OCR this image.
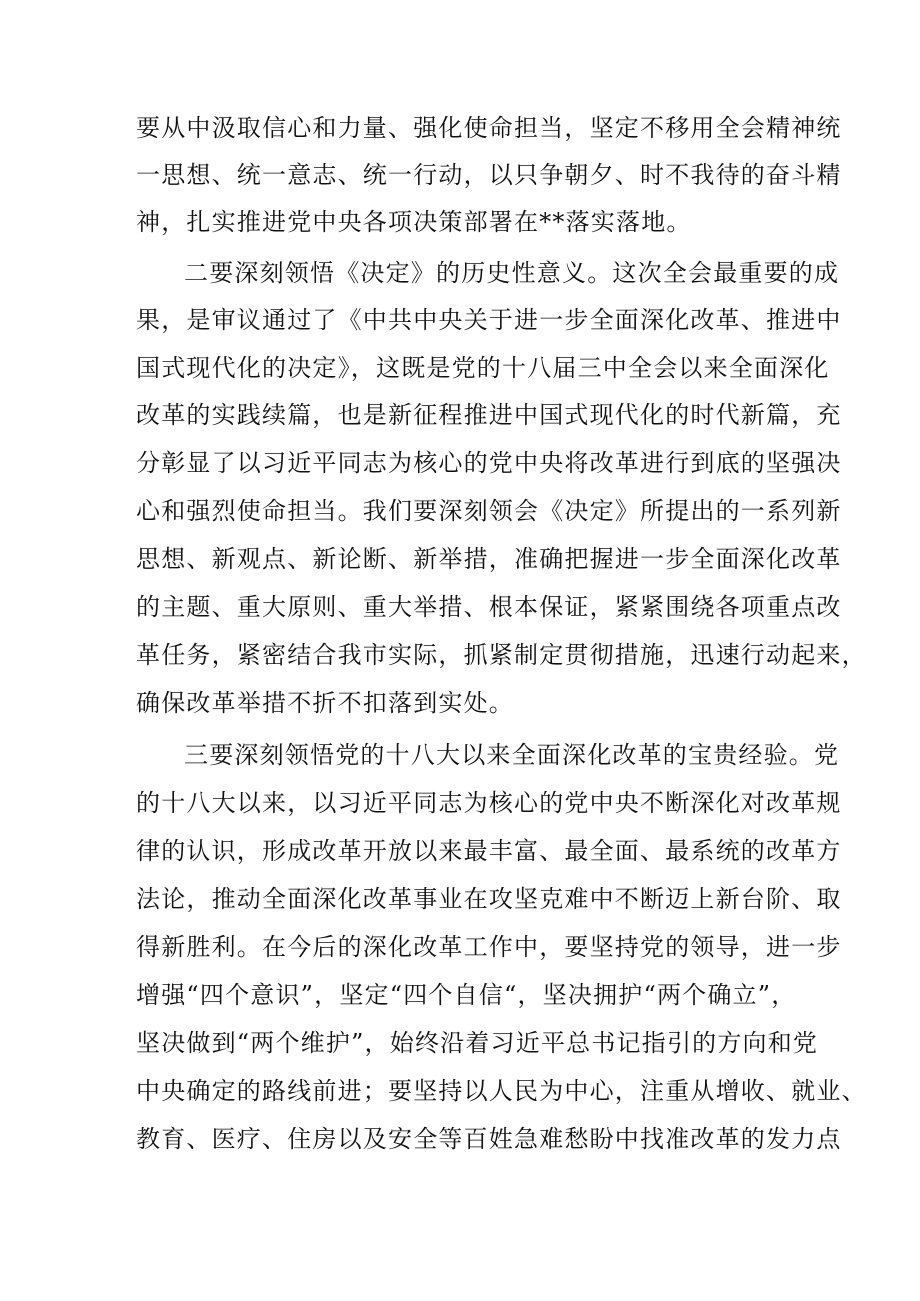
要从中汲取信心和力量、强化使命担当，坚定不移用全会精神统
一思想、统一意志、统一行动，以只争朝夕、时不我待的奋斗精
神，扎实推进党中央各项决策部署在**落实落地。
二要深刻领悟《决定》的历史性意义。这次全会最重要的成
果，是审议通过了《中共中央关于进一步全面深化改革、推进中
国式现代化的决定》，这既是党的十八届三中全会以来全面深化
改革的实践续篇，也是新征程推进中国式现代化的时代新篇，充
分彰显了以习近平同志为核心的党中央将改革进行到底的坚强决
心和强烈使命担当。我们要深刻领会《决定》所提出的一系列新
思想、新观点、新论断、新举措，准确把握进一步全面深化改革
的主题、重大原则、重大举措、根本保证，紧紧围绕各项重点改
革任务，紧密结合我市实际，抓紧制定贯彻措施，迅速行动起来，
确保改革举措不折不扣落到实处。
三要深刻领悟党的十八大以来全面深化改革的宝贵经验。党
的十八大以来，以习近平同志为核心的党中央不断深化对改革规
律的认识，形成改革开放以来最丰富、最全面、最系统的改革方
法论，推动全面深化改革事业在攻坚克难中不断迈上新台阶、取
得新胜利。在今后的深化改革工作中，要坚持党的领导，进一步
增强“四个意识”，坚定“四个自信“，坚决拥护“两个确立”，
坚决做到“两个维护”，始终沿着习近平总书记指引的方向和党
中央确定的路线前进；要坚持以人民为中心，注重从增收、就业、
教育、医疗、住房以及安全等百姓急难愁盼中找准改革的发力点
